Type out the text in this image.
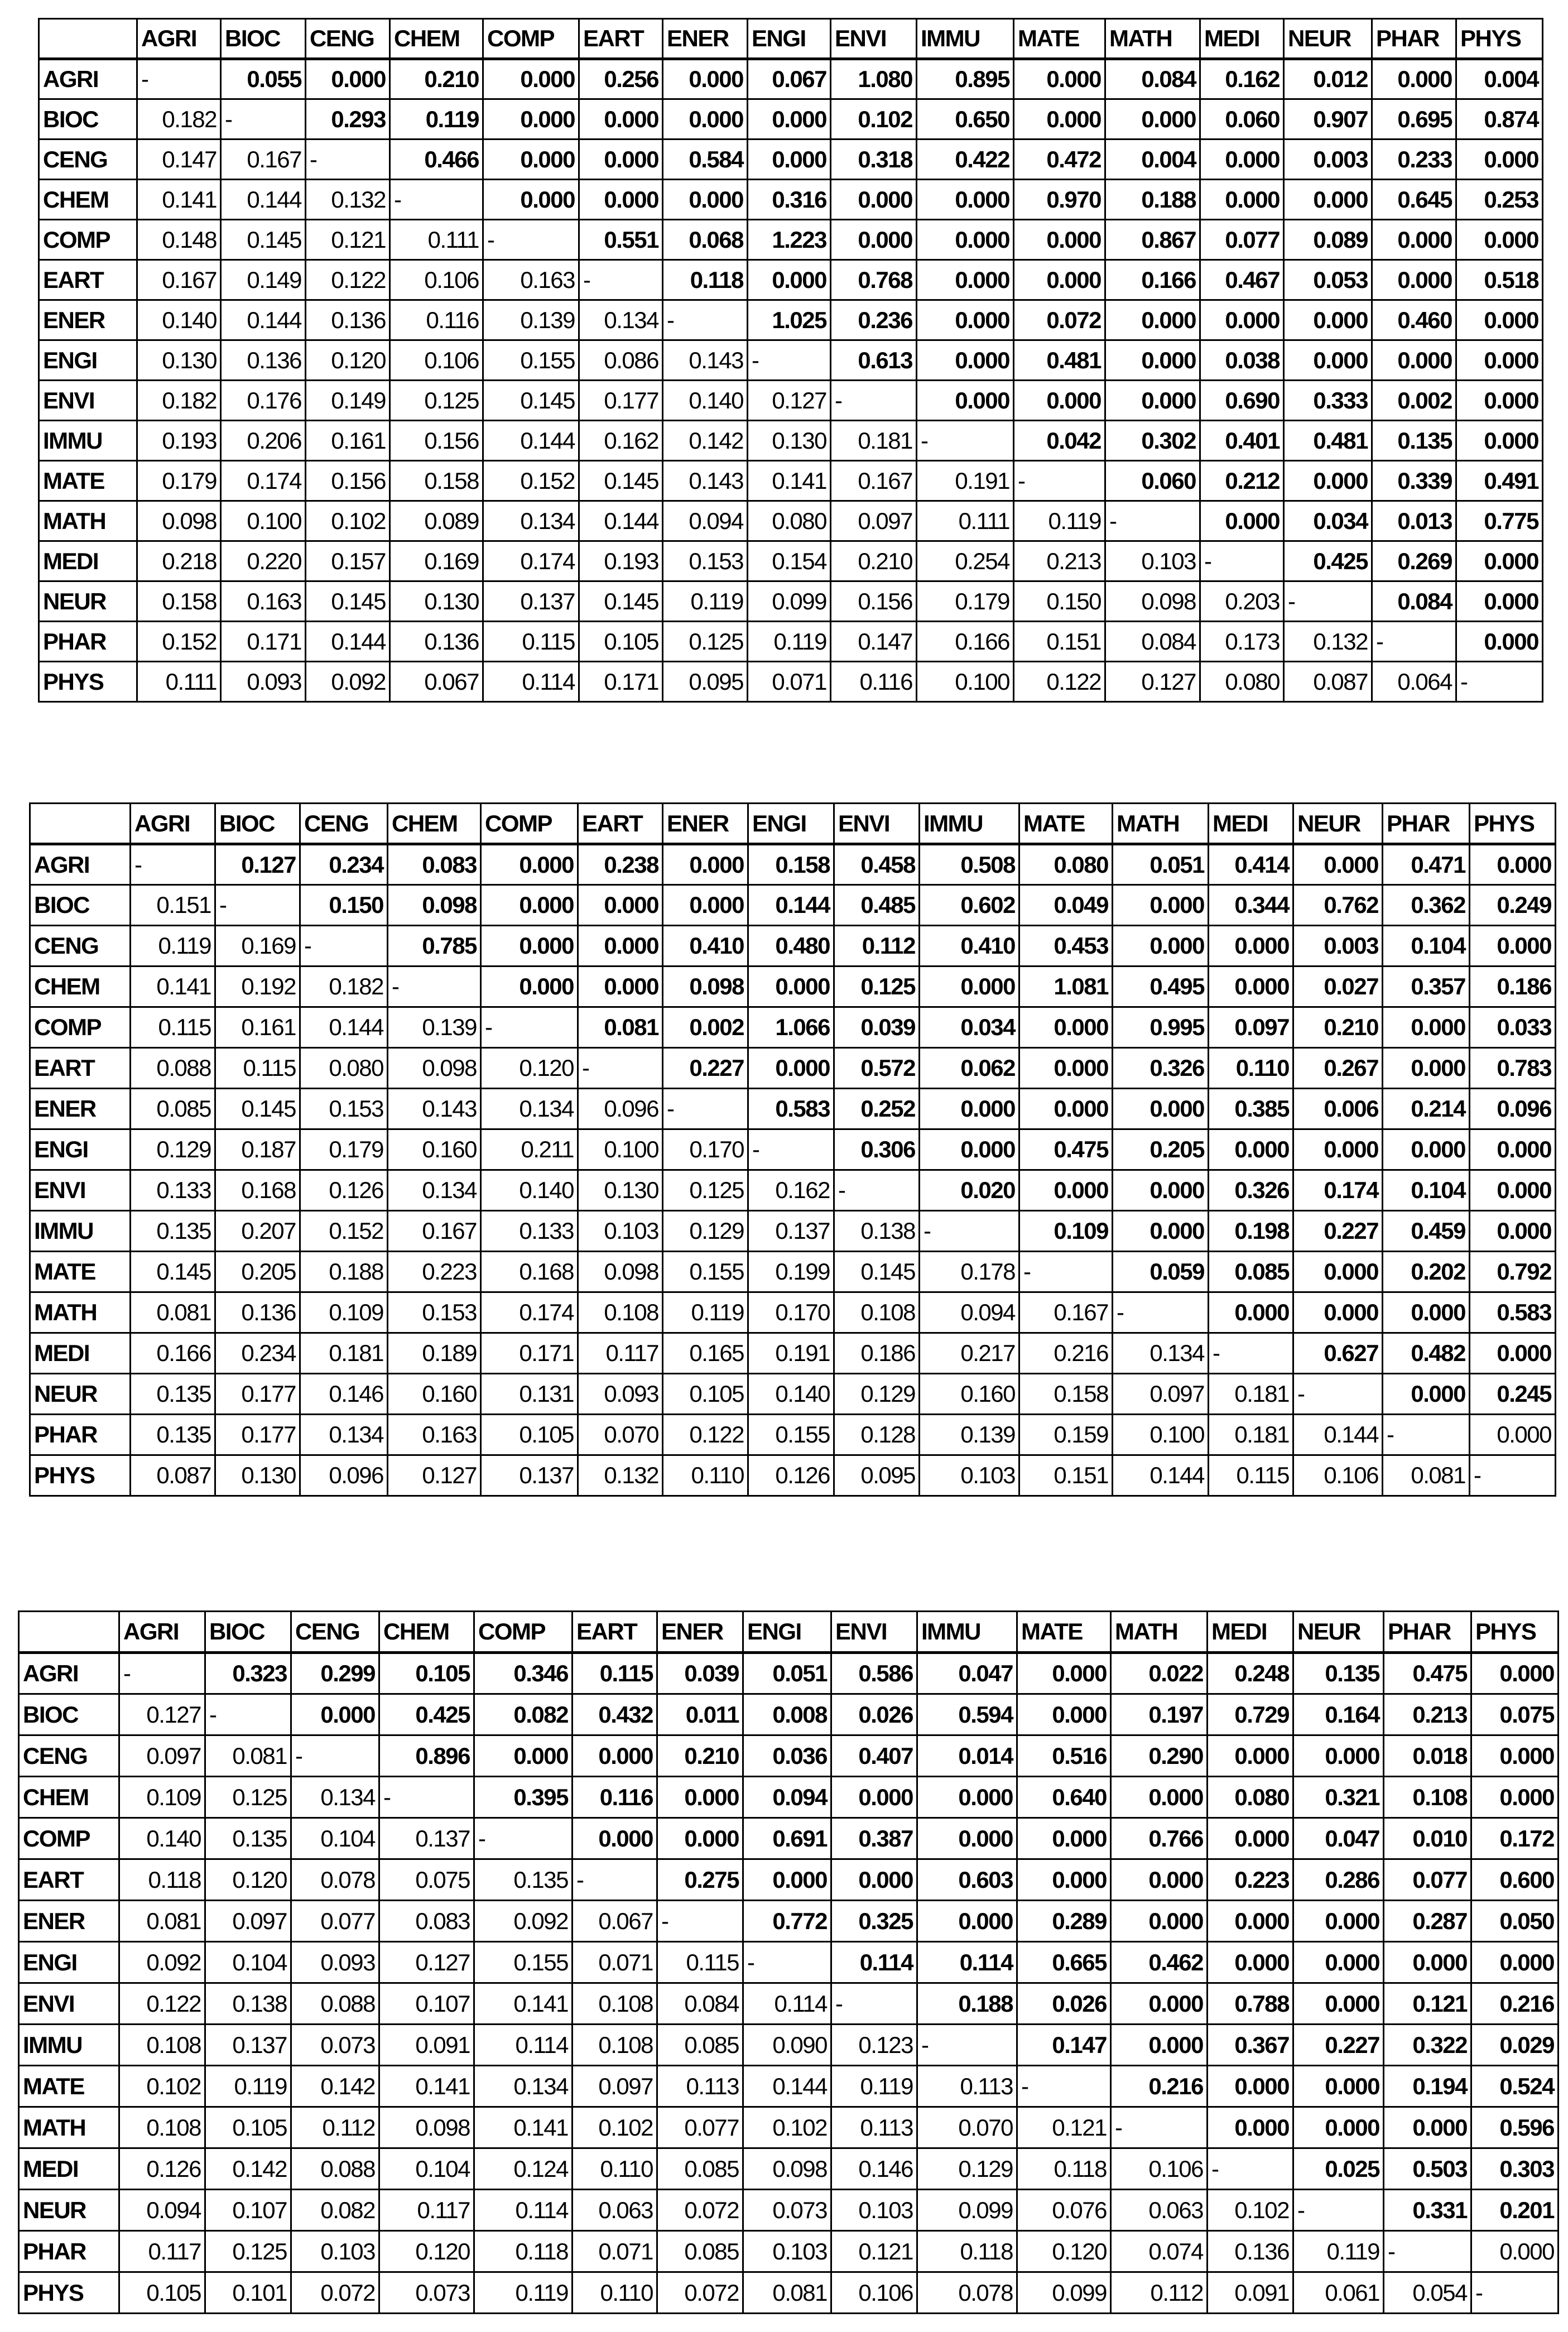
	AGRI	BIOC	CENG	CHEM	COMP	EART	ENER	ENGI	ENVI	IMMU	MATE	MATH	MEDI	NEUR	PHAR	PHYS
AGRI	-	0.055	0.000	0.210	0.000	0.256	0.000	0.067	1.080	0.895	0.000	0.084	0.162	0.012	0.000	0.004
BIOC	0.182	-	0.293	0.119	0.000	0.000	0.000	0.000	0.102	0.650	0.000	0.000	0.060	0.907	0.695	0.874
CENG	0.147	0.167	-	0.466	0.000	0.000	0.584	0.000	0.318	0.422	0.472	0.004	0.000	0.003	0.233	0.000
CHEM	0.141	0.144	0.132	-	0.000	0.000	0.000	0.316	0.000	0.000	0.970	0.188	0.000	0.000	0.645	0.253
COMP	0.148	0.145	0.121	0.111	-	0.551	0.068	1.223	0.000	0.000	0.000	0.867	0.077	0.089	0.000	0.000
EART	0.167	0.149	0.122	0.106	0.163	-	0.118	0.000	0.768	0.000	0.000	0.166	0.467	0.053	0.000	0.518
ENER	0.140	0.144	0.136	0.116	0.139	0.134	-	1.025	0.236	0.000	0.072	0.000	0.000	0.000	0.460	0.000
ENGI	0.130	0.136	0.120	0.106	0.155	0.086	0.143	-	0.613	0.000	0.481	0.000	0.038	0.000	0.000	0.000
ENVI	0.182	0.176	0.149	0.125	0.145	0.177	0.140	0.127	-	0.000	0.000	0.000	0.690	0.333	0.002	0.000
IMMU	0.193	0.206	0.161	0.156	0.144	0.162	0.142	0.130	0.181	-	0.042	0.302	0.401	0.481	0.135	0.000
MATE	0.179	0.174	0.156	0.158	0.152	0.145	0.143	0.141	0.167	0.191	-	0.060	0.212	0.000	0.339	0.491
MATH	0.098	0.100	0.102	0.089	0.134	0.144	0.094	0.080	0.097	0.111	0.119	-	0.000	0.034	0.013	0.775
MEDI	0.218	0.220	0.157	0.169	0.174	0.193	0.153	0.154	0.210	0.254	0.213	0.103	-	0.425	0.269	0.000
NEUR	0.158	0.163	0.145	0.130	0.137	0.145	0.119	0.099	0.156	0.179	0.150	0.098	0.203	-	0.084	0.000
PHAR	0.152	0.171	0.144	0.136	0.115	0.105	0.125	0.119	0.147	0.166	0.151	0.084	0.173	0.132	-	0.000
PHYS	0.111	0.093	0.092	0.067	0.114	0.171	0.095	0.071	0.116	0.100	0.122	0.127	0.080	0.087	0.064	-
	AGRI	BIOC	CENG	CHEM	COMP	EART	ENER	ENGI	ENVI	IMMU	MATE	MATH	MEDI	NEUR	PHAR	PHYS
AGRI	-	0.127	0.234	0.083	0.000	0.238	0.000	0.158	0.458	0.508	0.080	0.051	0.414	0.000	0.471	0.000
BIOC	0.151	-	0.150	0.098	0.000	0.000	0.000	0.144	0.485	0.602	0.049	0.000	0.344	0.762	0.362	0.249
CENG	0.119	0.169	-	0.785	0.000	0.000	0.410	0.480	0.112	0.410	0.453	0.000	0.000	0.003	0.104	0.000
CHEM	0.141	0.192	0.182	-	0.000	0.000	0.098	0.000	0.125	0.000	1.081	0.495	0.000	0.027	0.357	0.186
COMP	0.115	0.161	0.144	0.139	-	0.081	0.002	1.066	0.039	0.034	0.000	0.995	0.097	0.210	0.000	0.033
EART	0.088	0.115	0.080	0.098	0.120	-	0.227	0.000	0.572	0.062	0.000	0.326	0.110	0.267	0.000	0.783
ENER	0.085	0.145	0.153	0.143	0.134	0.096	-	0.583	0.252	0.000	0.000	0.000	0.385	0.006	0.214	0.096
ENGI	0.129	0.187	0.179	0.160	0.211	0.100	0.170	-	0.306	0.000	0.475	0.205	0.000	0.000	0.000	0.000
ENVI	0.133	0.168	0.126	0.134	0.140	0.130	0.125	0.162	-	0.020	0.000	0.000	0.326	0.174	0.104	0.000
IMMU	0.135	0.207	0.152	0.167	0.133	0.103	0.129	0.137	0.138	-	0.109	0.000	0.198	0.227	0.459	0.000
MATE	0.145	0.205	0.188	0.223	0.168	0.098	0.155	0.199	0.145	0.178	-	0.059	0.085	0.000	0.202	0.792
MATH	0.081	0.136	0.109	0.153	0.174	0.108	0.119	0.170	0.108	0.094	0.167	-	0.000	0.000	0.000	0.583
MEDI	0.166	0.234	0.181	0.189	0.171	0.117	0.165	0.191	0.186	0.217	0.216	0.134	-	0.627	0.482	0.000
NEUR	0.135	0.177	0.146	0.160	0.131	0.093	0.105	0.140	0.129	0.160	0.158	0.097	0.181	-	0.000	0.245
PHAR	0.135	0.177	0.134	0.163	0.105	0.070	0.122	0.155	0.128	0.139	0.159	0.100	0.181	0.144	-	0.000
PHYS	0.087	0.130	0.096	0.127	0.137	0.132	0.110	0.126	0.095	0.103	0.151	0.144	0.115	0.106	0.081	-
	AGRI	BIOC	CENG	CHEM	COMP	EART	ENER	ENGI	ENVI	IMMU	MATE	MATH	MEDI	NEUR	PHAR	PHYS
AGRI	-	0.323	0.299	0.105	0.346	0.115	0.039	0.051	0.586	0.047	0.000	0.022	0.248	0.135	0.475	0.000
BIOC	0.127	-	0.000	0.425	0.082	0.432	0.011	0.008	0.026	0.594	0.000	0.197	0.729	0.164	0.213	0.075
CENG	0.097	0.081	-	0.896	0.000	0.000	0.210	0.036	0.407	0.014	0.516	0.290	0.000	0.000	0.018	0.000
CHEM	0.109	0.125	0.134	-	0.395	0.116	0.000	0.094	0.000	0.000	0.640	0.000	0.080	0.321	0.108	0.000
COMP	0.140	0.135	0.104	0.137	-	0.000	0.000	0.691	0.387	0.000	0.000	0.766	0.000	0.047	0.010	0.172
EART	0.118	0.120	0.078	0.075	0.135	-	0.275	0.000	0.000	0.603	0.000	0.000	0.223	0.286	0.077	0.600
ENER	0.081	0.097	0.077	0.083	0.092	0.067	-	0.772	0.325	0.000	0.289	0.000	0.000	0.000	0.287	0.050
ENGI	0.092	0.104	0.093	0.127	0.155	0.071	0.115	-	0.114	0.114	0.665	0.462	0.000	0.000	0.000	0.000
ENVI	0.122	0.138	0.088	0.107	0.141	0.108	0.084	0.114	-	0.188	0.026	0.000	0.788	0.000	0.121	0.216
IMMU	0.108	0.137	0.073	0.091	0.114	0.108	0.085	0.090	0.123	-	0.147	0.000	0.367	0.227	0.322	0.029
MATE	0.102	0.119	0.142	0.141	0.134	0.097	0.113	0.144	0.119	0.113	-	0.216	0.000	0.000	0.194	0.524
MATH	0.108	0.105	0.112	0.098	0.141	0.102	0.077	0.102	0.113	0.070	0.121	-	0.000	0.000	0.000	0.596
MEDI	0.126	0.142	0.088	0.104	0.124	0.110	0.085	0.098	0.146	0.129	0.118	0.106	-	0.025	0.503	0.303
NEUR	0.094	0.107	0.082	0.117	0.114	0.063	0.072	0.073	0.103	0.099	0.076	0.063	0.102	-	0.331	0.201
PHAR	0.117	0.125	0.103	0.120	0.118	0.071	0.085	0.103	0.121	0.118	0.120	0.074	0.136	0.119	-	0.000
PHYS	0.105	0.101	0.072	0.073	0.119	0.110	0.072	0.081	0.106	0.078	0.099	0.112	0.091	0.061	0.054	-
